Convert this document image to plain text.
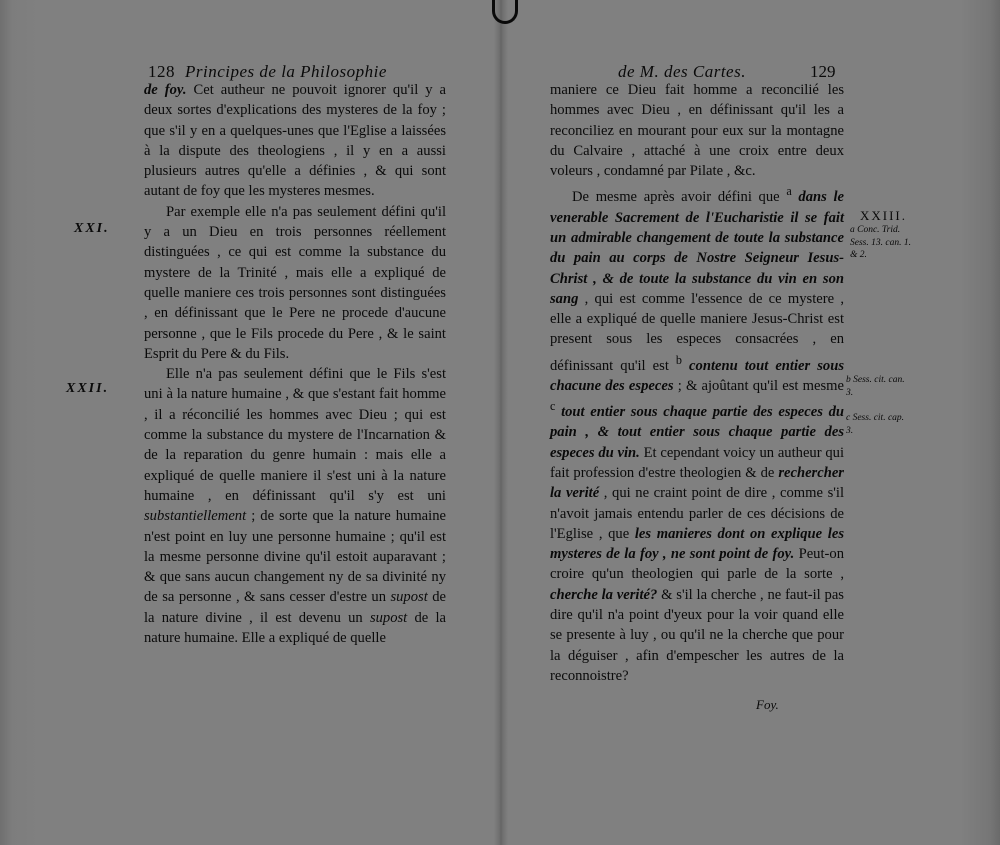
128 Principes de la Philosophie
XXI.
XXII.

de foy. Cet autheur ne pouvoit ignorer qu'il y a deux sortes d'explications des mysteres de la foy ; que s'il y en a quelques-unes que l'Eglise a laissées à la dispute des theologiens , il y en a aussi plusieurs autres qu'elle a définies , & qui sont autant de foy que les mysteres mesmes.

Par exemple elle n'a pas seulement défini qu'il y a un Dieu en trois personnes réellement distinguées , ce qui est comme la substance du mystere de la Trinité , mais elle a expliqué de quelle maniere ces trois personnes sont distinguées , en définissant que le Pere ne procede d'aucune personne , que le Fils procede du Pere , & le saint Esprit du Pere & du Fils.

Elle n'a pas seulement défini que le Fils s'est uni à la nature humaine , & que s'estant fait homme , il a réconcilié les hommes avec Dieu ; qui est comme la substance du mystere de l'Incarnation & de la reparation du genre humain : mais elle a expliqué de quelle maniere il s'est uni à la nature humaine , en définissant qu'il s'y est uni substantiellement ; de sorte que la nature humaine n'est point en luy une personne humaine ; qu'il est la mesme personne divine qu'il estoit auparavant ; & que sans aucun changement ny de sa divinité ny de sa personne , & sans cesser d'estre un supost de la nature divine , il est devenu un supost de la nature humaine. Elle a expliqué de quelle

de M. des Cartes.	129
XXIII.
a Conc. Trid.
Sess. 13. can. 1.
& 2.
b Sess. cit. can.
3.
c Sess. cit. cap.
3.

maniere ce Dieu fait homme a reconcilié les hommes avec Dieu , en définissant qu'il les a reconciliez en mourant pour eux sur la montagne du Calvaire , attaché à une croix entre deux voleurs , condamné par Pilate , &c.

De mesme après avoir défini que $^a$ dans le venerable Sacrement de l'Eucharistie il se fait un admirable changement de toute la substance du pain au corps de Nostre Seigneur Iesus-Christ , & de toute la substance du vin en son sang , qui est comme l'essence de ce mystere , elle a expliqué de quelle maniere Jesus-Christ est present sous les especes consacrées , en définissant qu'il est $^b$ contenu tout entier sous chacune des especes ; & ajoûtant qu'il est mesme $^c$ tout entier sous chaque partie des especes du pain , & tout entier sous chaque partie des especes du vin. Et cependant voicy un autheur qui fait profession d'estre theologien & de rechercher la verité , qui ne craint point de dire , comme s'il n'avoit jamais entendu parler de ces décisions de l'Eglise , que les manieres dont on explique les mysteres de la foy , ne sont point de foy. Peut-on croire qu'un theologien qui parle de la sorte , cherche la verité? & s'il la cherche , ne faut-il pas dire qu'il n'a point d'yeux pour la voir quand elle se presente à luy , ou qu'il ne la cherche que pour la déguiser , afin d'empescher les autres de la reconnoistre?

Foy.
